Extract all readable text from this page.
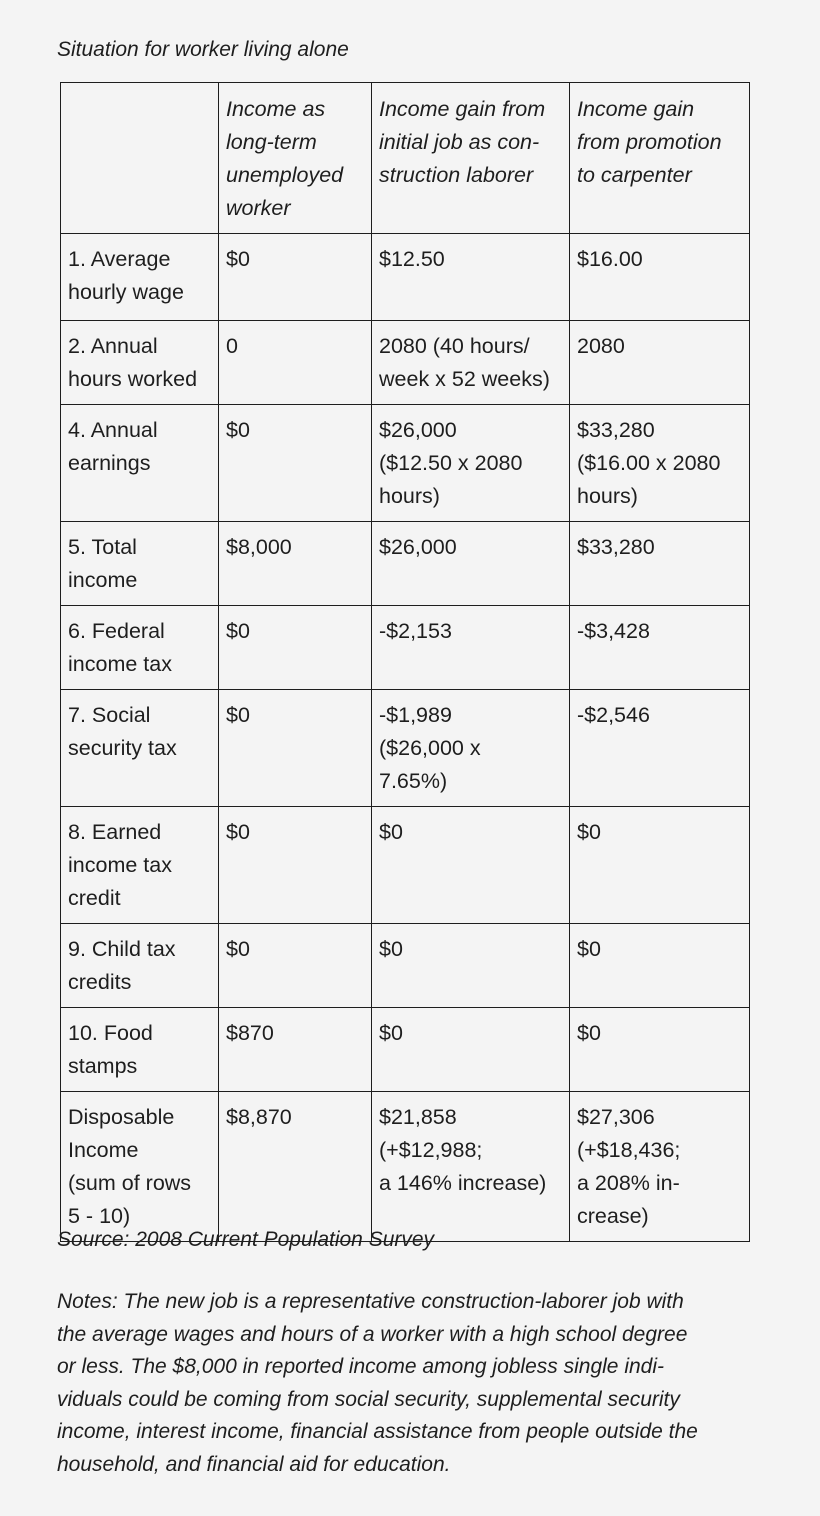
Situation for worker living alone
	Income as
long-term
unemployed
worker	Income gain from
initial job as con-
struction laborer	Income gain
from promotion
to carpenter
1. Average
hourly wage	$0	$12.50	$16.00
2. Annual
hours worked	0	2080 (40 hours/
week x 52 weeks)	2080
4. Annual
earnings	$0	$26,000
($12.50 x 2080
hours)	$33,280
($16.00 x 2080
hours)
5. Total
income	$8,000	$26,000	$33,280
6. Federal
income tax	$0	-$2,153	-$3,428
7. Social
security tax	$0	-$1,989
($26,000 x
7.65%)	-$2,546
8. Earned
income tax
credit	$0	$0	$0
9. Child tax
credits	$0	$0	$0
10. Food
stamps	$870	$0	$0
Disposable
Income
(sum of rows
5 - 10)	$8,870	$21,858
(+$12,988;
a 146% increase)	$27,306
(+$18,436;
a 208% in-
crease)
Source: 2008 Current Population Survey
Notes: The new job is a representative construction-laborer job with
the average wages and hours of a worker with a high school degree
or less. The $8,000 in reported income among jobless single indi-
viduals could be coming from social security, supplemental security
income, interest income, financial assistance from people outside the
household, and financial aid for education.
